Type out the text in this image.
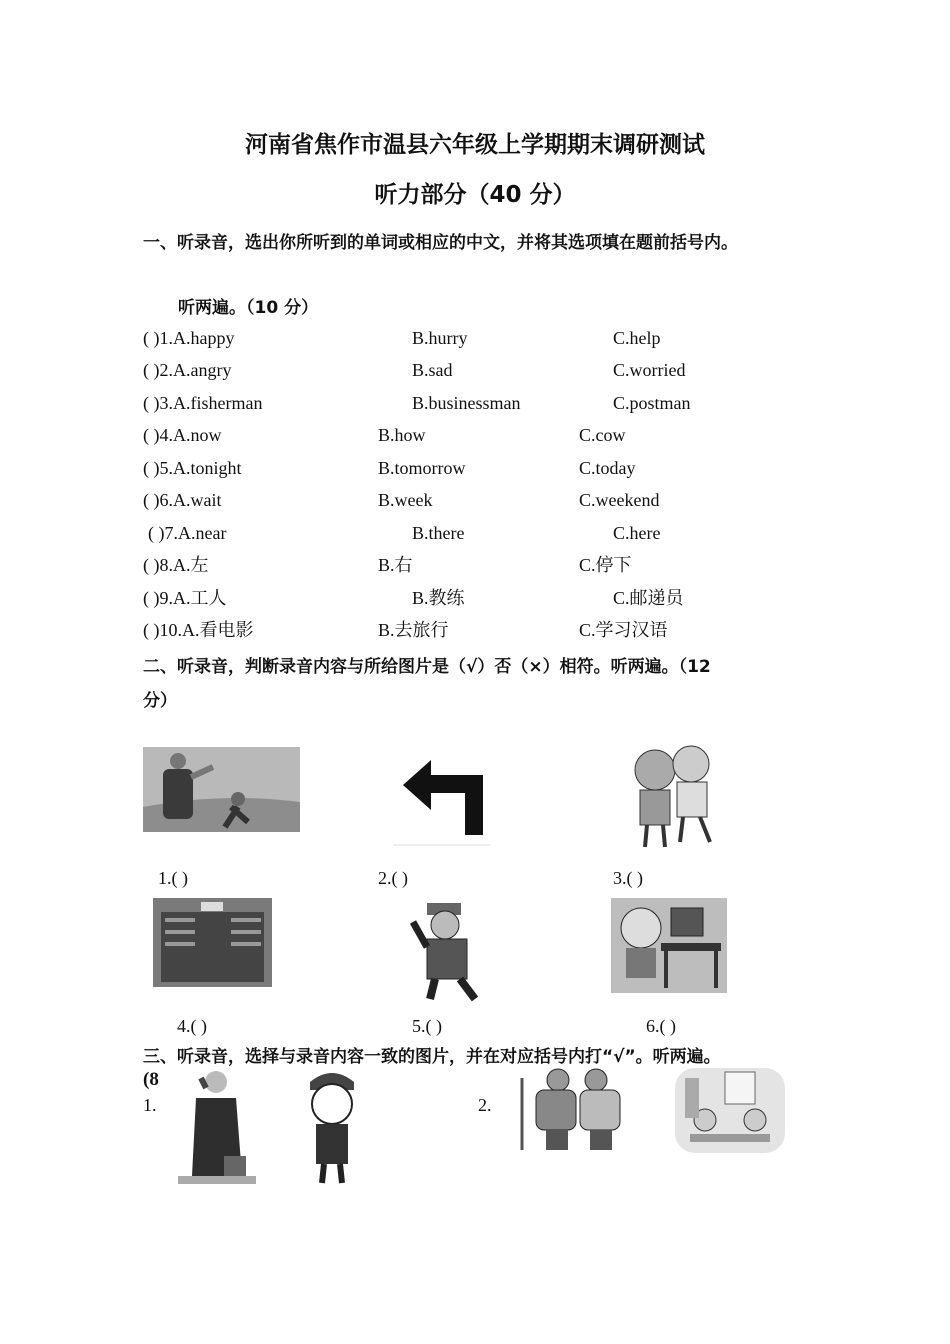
河南省焦作市温县六年级上学期期末调研测试
听力部分（40 分）
一、听录音，选出你所听到的单词或相应的中文，并将其选项填在题前括号内。
听两遍。（10 分）
( )1.A.happy	B.hurry	C.help
( )2.A.angry	B.sad	C.worried
( )3.A.fisherman	B.businessman	C.postman
( )4.A.now	B.how	C.cow
( )5.A.tonight	B.tomorrow	C.today
( )6.A.wait	B.week	C.weekend
( )7.A.near	B.there	C.here
( )8.A.左	B.右	C.停下
( )9.A.工人	B.教练	C.邮递员
( )10.A.看电影	B.去旅行	C.学习汉语
二、听录音，判断录音内容与所给图片是（√）否（×）相符。听两遍。（12
分）
1.( )	2.( )	3.( )
4.( )	5.( )	6.( )
三、听录音，选择与录音内容一致的图片，并在对应括号内打“√”。听两遍。
(8
1.	2.
